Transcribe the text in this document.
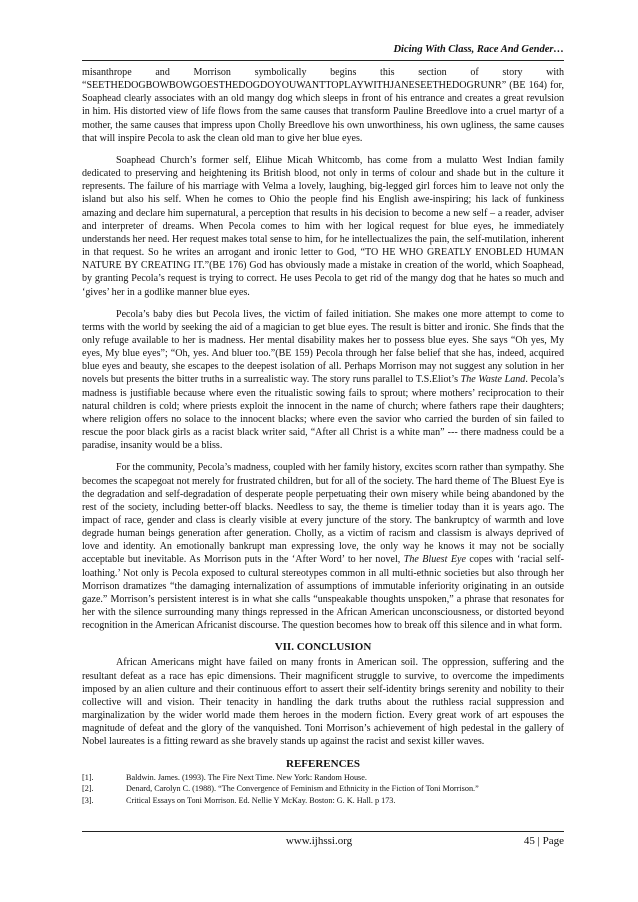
Dicing With Class, Race And Gender…

misanthrope and Morrison symbolically begins this section of story with “SEETHEDOGBOWBOWGOESTHEDOGDOYOUWANTTOPLAYWITHJANESEETHEDOGRUNR” (BE 164) for, Soaphead clearly associates with an old mangy dog which sleeps in front of his entrance and creates a great revulsion in him. His distorted view of life flows from the same causes that transform Pauline Breedlove into a cruel martyr of a mother, the same causes that impress upon Cholly Breedlove his own unworthiness, his own ugliness, the same causes that will inspire Pecola to ask the clean old man to give her blue eyes.

Soaphead Church’s former self, Elihue Micah Whitcomb, has come from a mulatto West Indian family dedicated to preserving and heightening its British blood, not only in terms of colour and shade but in the culture it represents. The failure of his marriage with Velma a lovely, laughing, big-legged girl forces him to leave not only the island but also his self. When he comes to Ohio the people find his English awe-inspiring; his lack of funkiness amazing and declare him supernatural, a perception that results in his decision to become a new self – a reader, adviser and interpreter of dreams. When Pecola comes to him with her logical request for blue eyes, he immediately understands her need. Her request makes total sense to him, for he intellectualizes the pain, the self-mutilation, inherent in that request. So he writes an arrogant and ironic letter to God, “TO HE WHO GREATLY ENOBLED HUMAN NATURE BY CREATING IT.”(BE 176) God has obviously made a mistake in creation of the world, which Soaphead, by granting Pecola’s request is trying to correct. He uses Pecola to get rid of the mangy dog that he hates so much and ‘gives’ her in a godlike manner blue eyes.

Pecola’s baby dies but Pecola lives, the victim of failed initiation. She makes one more attempt to come to terms with the world by seeking the aid of a magician to get blue eyes. The result is bitter and ironic. She finds that the only refuge available to her is madness. Her mental disability makes her to possess blue eyes. She says “Oh yes, My eyes, My blue eyes”; “Oh, yes. And bluer too.”(BE 159) Pecola through her false belief that she has, indeed, acquired blue eyes and beauty, she escapes to the deepest isolation of all. Perhaps Morrison may not suggest any solution in her novels but presents the bitter truths in a surrealistic way. The story runs parallel to T.S.Eliot’s The Waste Land. Pecola’s madness is justifiable because where even the ritualistic sowing fails to sprout; where mothers’ reciprocation to their natural children is cold; where priests exploit the innocent in the name of church; where fathers rape their daughters; where religion offers no solace to the innocent blacks; where even the savior who carried the burden of sin failed to rescue the poor black girls as a racist black writer said, “After all Christ is a white man” --- there madness could be a paradise, insanity would be a bliss.

For the community, Pecola’s madness, coupled with her family history, excites scorn rather than sympathy. She becomes the scapegoat not merely for frustrated children, but for all of the society. The hard theme of The Bluest Eye is the degradation and self-degradation of desperate people perpetuating their own misery while being abandoned by the rest of the society, including better-off blacks. Needless to say, the theme is timelier today than it is years ago. The impact of race, gender and class is clearly visible at every juncture of the story. The bankruptcy of warmth and love degrade human beings generation after generation. Cholly, as a victim of racism and classism is always deprived of love and identity. An emotionally bankrupt man expressing love, the only way he knows it may not be socially acceptable but inevitable. As Morrison puts in the ‘After Word’ to her novel, The Bluest Eye copes with ‘racial self-loathing.’ Not only is Pecola exposed to cultural stereotypes common in all multi-ethnic societies but also through her Morrison dramatizes “the damaging internalization of assumptions of immutable inferiority originating in an outside gaze.” Morrison’s persistent interest is in what she calls “unspeakable thoughts unspoken,” a phrase that resonates for her with the silence surrounding many things repressed in the African American unconsciousness, or distorted beyond recognition in the American Africanist discourse. The question becomes how to break off this silence and in what form.

VII. CONCLUSION

African Americans might have failed on many fronts in American soil. The oppression, suffering and the resultant defeat as a race has epic dimensions. Their magnificent struggle to survive, to overcome the impediments imposed by an alien culture and their continuous effort to assert their self-identity brings serenity and nobility to their collective will and vision. Their tenacity in handling the dark truths about the ruthless racial suppression and marginalization by the wider world made them heroes in the modern fiction. Every great work of art espouses the magnitude of defeat and the glory of the vanquished. Toni Morrison’s achievement of high pedestal in the gallery of Nobel laureates is a fitting reward as she bravely stands up against the racist and sexist killer waves.

REFERENCES
[1].	Baldwin. James. (1993). The Fire Next Time. New York: Random House.
[2].	Denard, Carolyn C. (1988). “The Convergence of Feminism and Ethnicity in the Fiction of Toni Morrison.”
[3].	Critical Essays on Toni Morrison. Ed. Nellie Y McKay. Boston: G. K. Hall. p 173.
www.ijhssi.org	45 | Page
